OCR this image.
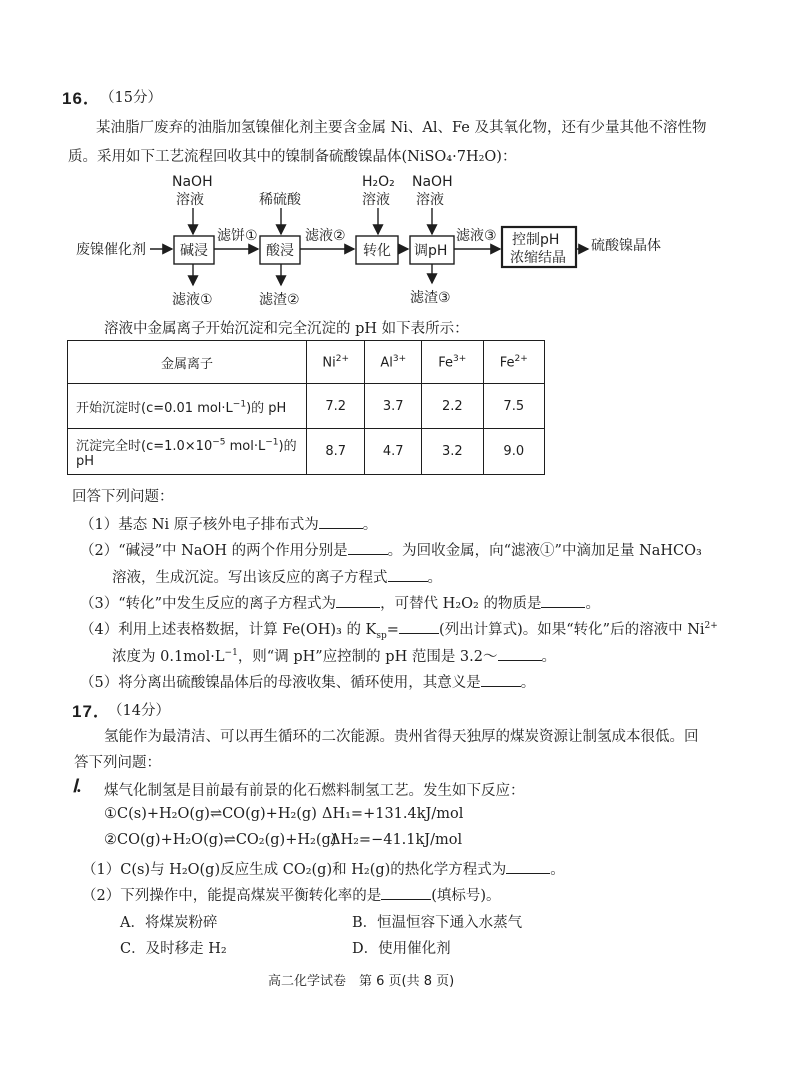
16． （15分）
某油脂厂废弃的油脂加氢镍催化剂主要含金属 Ni、Al、Fe 及其氧化物，还有少量其他不溶性物
质。采用如下工艺流程回收其中的镍制备硫酸镍晶体(NiSO₄·7H₂O)：
NaOH
溶液	稀硫酸
H₂O₂
溶液
NaOH
溶液
废镍催化剂 碱浸
滤饼①
酸浸
滤液②
转化 调pH
滤液③ 控制pH
浓缩结晶
硫酸镍晶体
滤液①	滤渣②	滤渣③
溶液中金属离子开始沉淀和完全沉淀的 pH 如下表所示：
金属离子	$Ni^{2+}$	$Al^{3+}$	$Fe^{3+}$	$Fe^{2+}$
开始沉淀时(c=0.01 $mol\cdot L^{-1}$)的 pH	7.2	3.7	2.2	7.5
沉淀完全时($c=1.0\times 10^{-5}$ $mol\cdot L^{-1}$)的 pH	8.7	4.7	3.2	9.0
回答下列问题：
（1）基态 Ni 原子核外电子排布式为	。
（2）“碱浸”中 NaOH 的两个作用分别是	。为回收金属，向“滤液①”中滴加足量 NaHCO₃
溶液，生成沉淀。写出该反应的离子方程式	。
（3）“转化”中发生反应的离子方程式为	，可替代 H₂O₂ 的物质是	。
（4）利用上述表格数据，计算 Fe(OH)₃ 的 $K_{sp}=$	(列出计算式)。如果“转化”后的溶液中 $Ni^{2+}$
浓度为 $0.1mol\cdot L^{-1}$，则“调 pH”应控制的 pH 范围是 3.2～	。
（5）将分离出硫酸镍晶体后的母液收集、循环使用，其意义是	。
17．
（14分）
氢能作为最清洁、可以再生循环的二次能源。贵州省得天独厚的煤炭资源让制氢成本很低。回
答下列问题：
Ⅰ. 煤气化制氢是目前最有前景的化石燃料制氢工艺。发生如下反应：
①C(s)+H₂O(g)⇌CO(g)+H₂(g) ΔH₁=+131.4kJ/mol
②CO(g)+H₂O(g)⇌CO₂(g)+H₂(g)
ΔH₂=−41.1kJ/mol
（1）C(s)与 H₂O(g)反应生成 CO₂(g)和 H₂(g)的热化学方程式为	。
（2）下列操作中，能提高煤炭平衡转化率的是	(填标号)。
A．将煤炭粉碎	B．恒温恒容下通入水蒸气
C．及时移走 H₂	D．使用催化剂
高二化学试卷　第 6 页(共 8 页)
